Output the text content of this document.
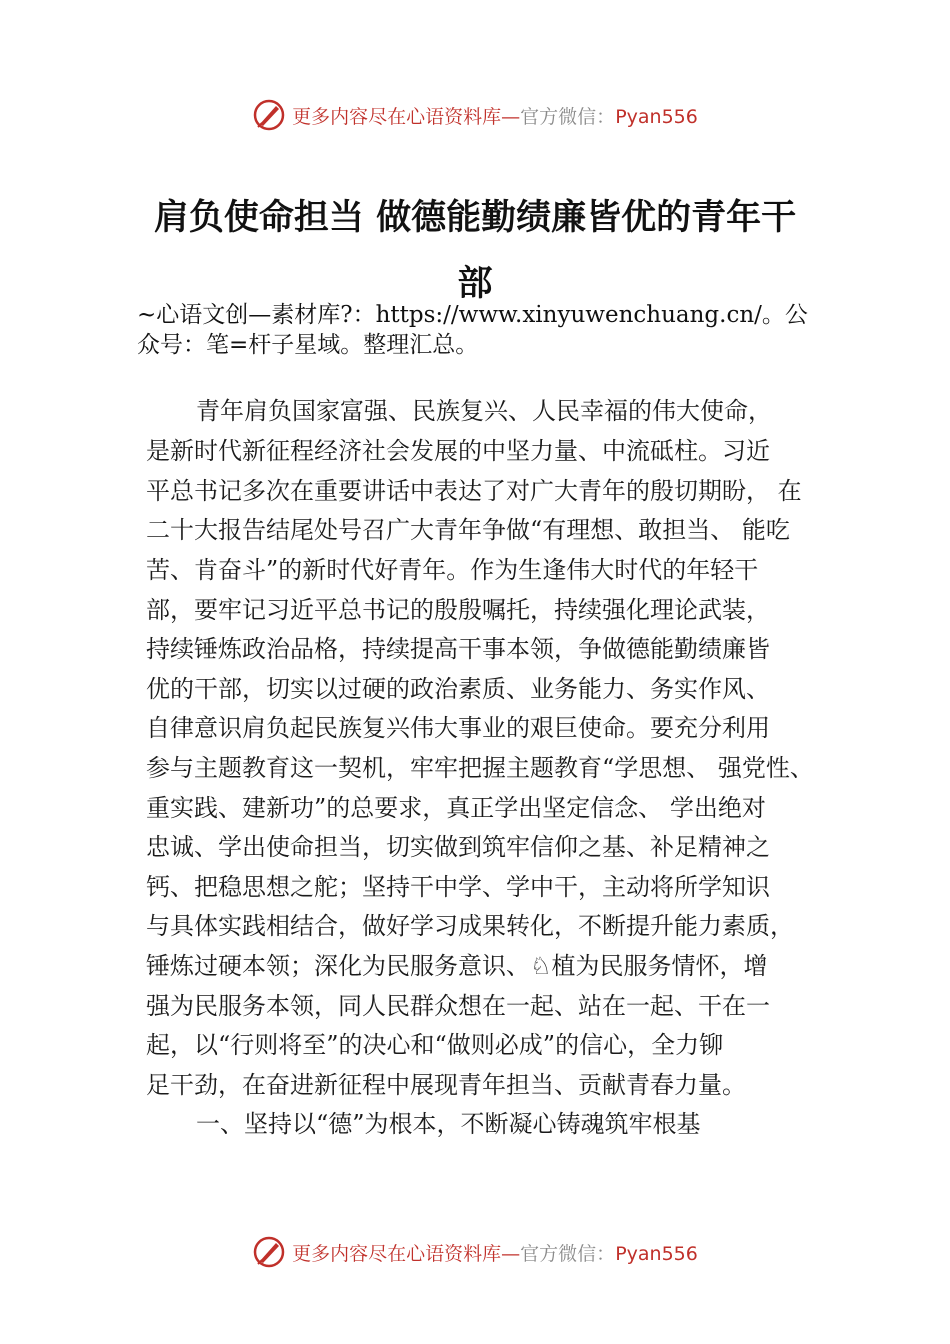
更多内容尽在心语资料库—官方微信：Pyan556
肩负使命担当 做德能勤绩廉皆优的青年干
部
~心语文创—素材库?：https://www.xinyuwenchuang.cn/。公
众号：笔=杆子星域。整理汇总。
青年肩负国家富强、民族复兴、人民幸福的伟大使命，
是新时代新征程经济社会发展的中坚力量、中流砥柱。习近
平总书记多次在重要讲话中表达了对广大青年的殷切期盼， 在
二十大报告结尾处号召广大青年争做“有理想、敢担当、 能吃
苦、肯奋斗”的新时代好青年。作为生逢伟大时代的年轻干
部，要牢记习近平总书记的殷殷嘱托，持续强化理论武装，
持续锤炼政治品格，持续提高干事本领，争做德能勤绩廉皆
优的干部，切实以过硬的政治素质、业务能力、务实作风、
自律意识肩负起民族复兴伟大事业的艰巨使命。要充分利用
参与主题教育这一契机，牢牢把握主题教育“学思想、 强党性、
重实践、建新功”的总要求，真正学出坚定信念、 学出绝对
忠诚、学出使命担当，切实做到筑牢信仰之基、补足精神之
钙、把稳思想之舵；坚持干中学、学中干，主动将所学知识
与具体实践相结合，做好学习成果转化，不断提升能力素质，
锤炼过硬本领；深化为民服务意识、♘植为民服务情怀，增
强为民服务本领，同人民群众想在一起、站在一起、干在一
起，以“行则将至”的决心和“做则必成”的信心，全力铆
足干劲，在奋进新征程中展现青年担当、贡献青春力量。
一、坚持以“德”为根本，不断凝心铸魂筑牢根基
更多内容尽在心语资料库—官方微信：Pyan556
